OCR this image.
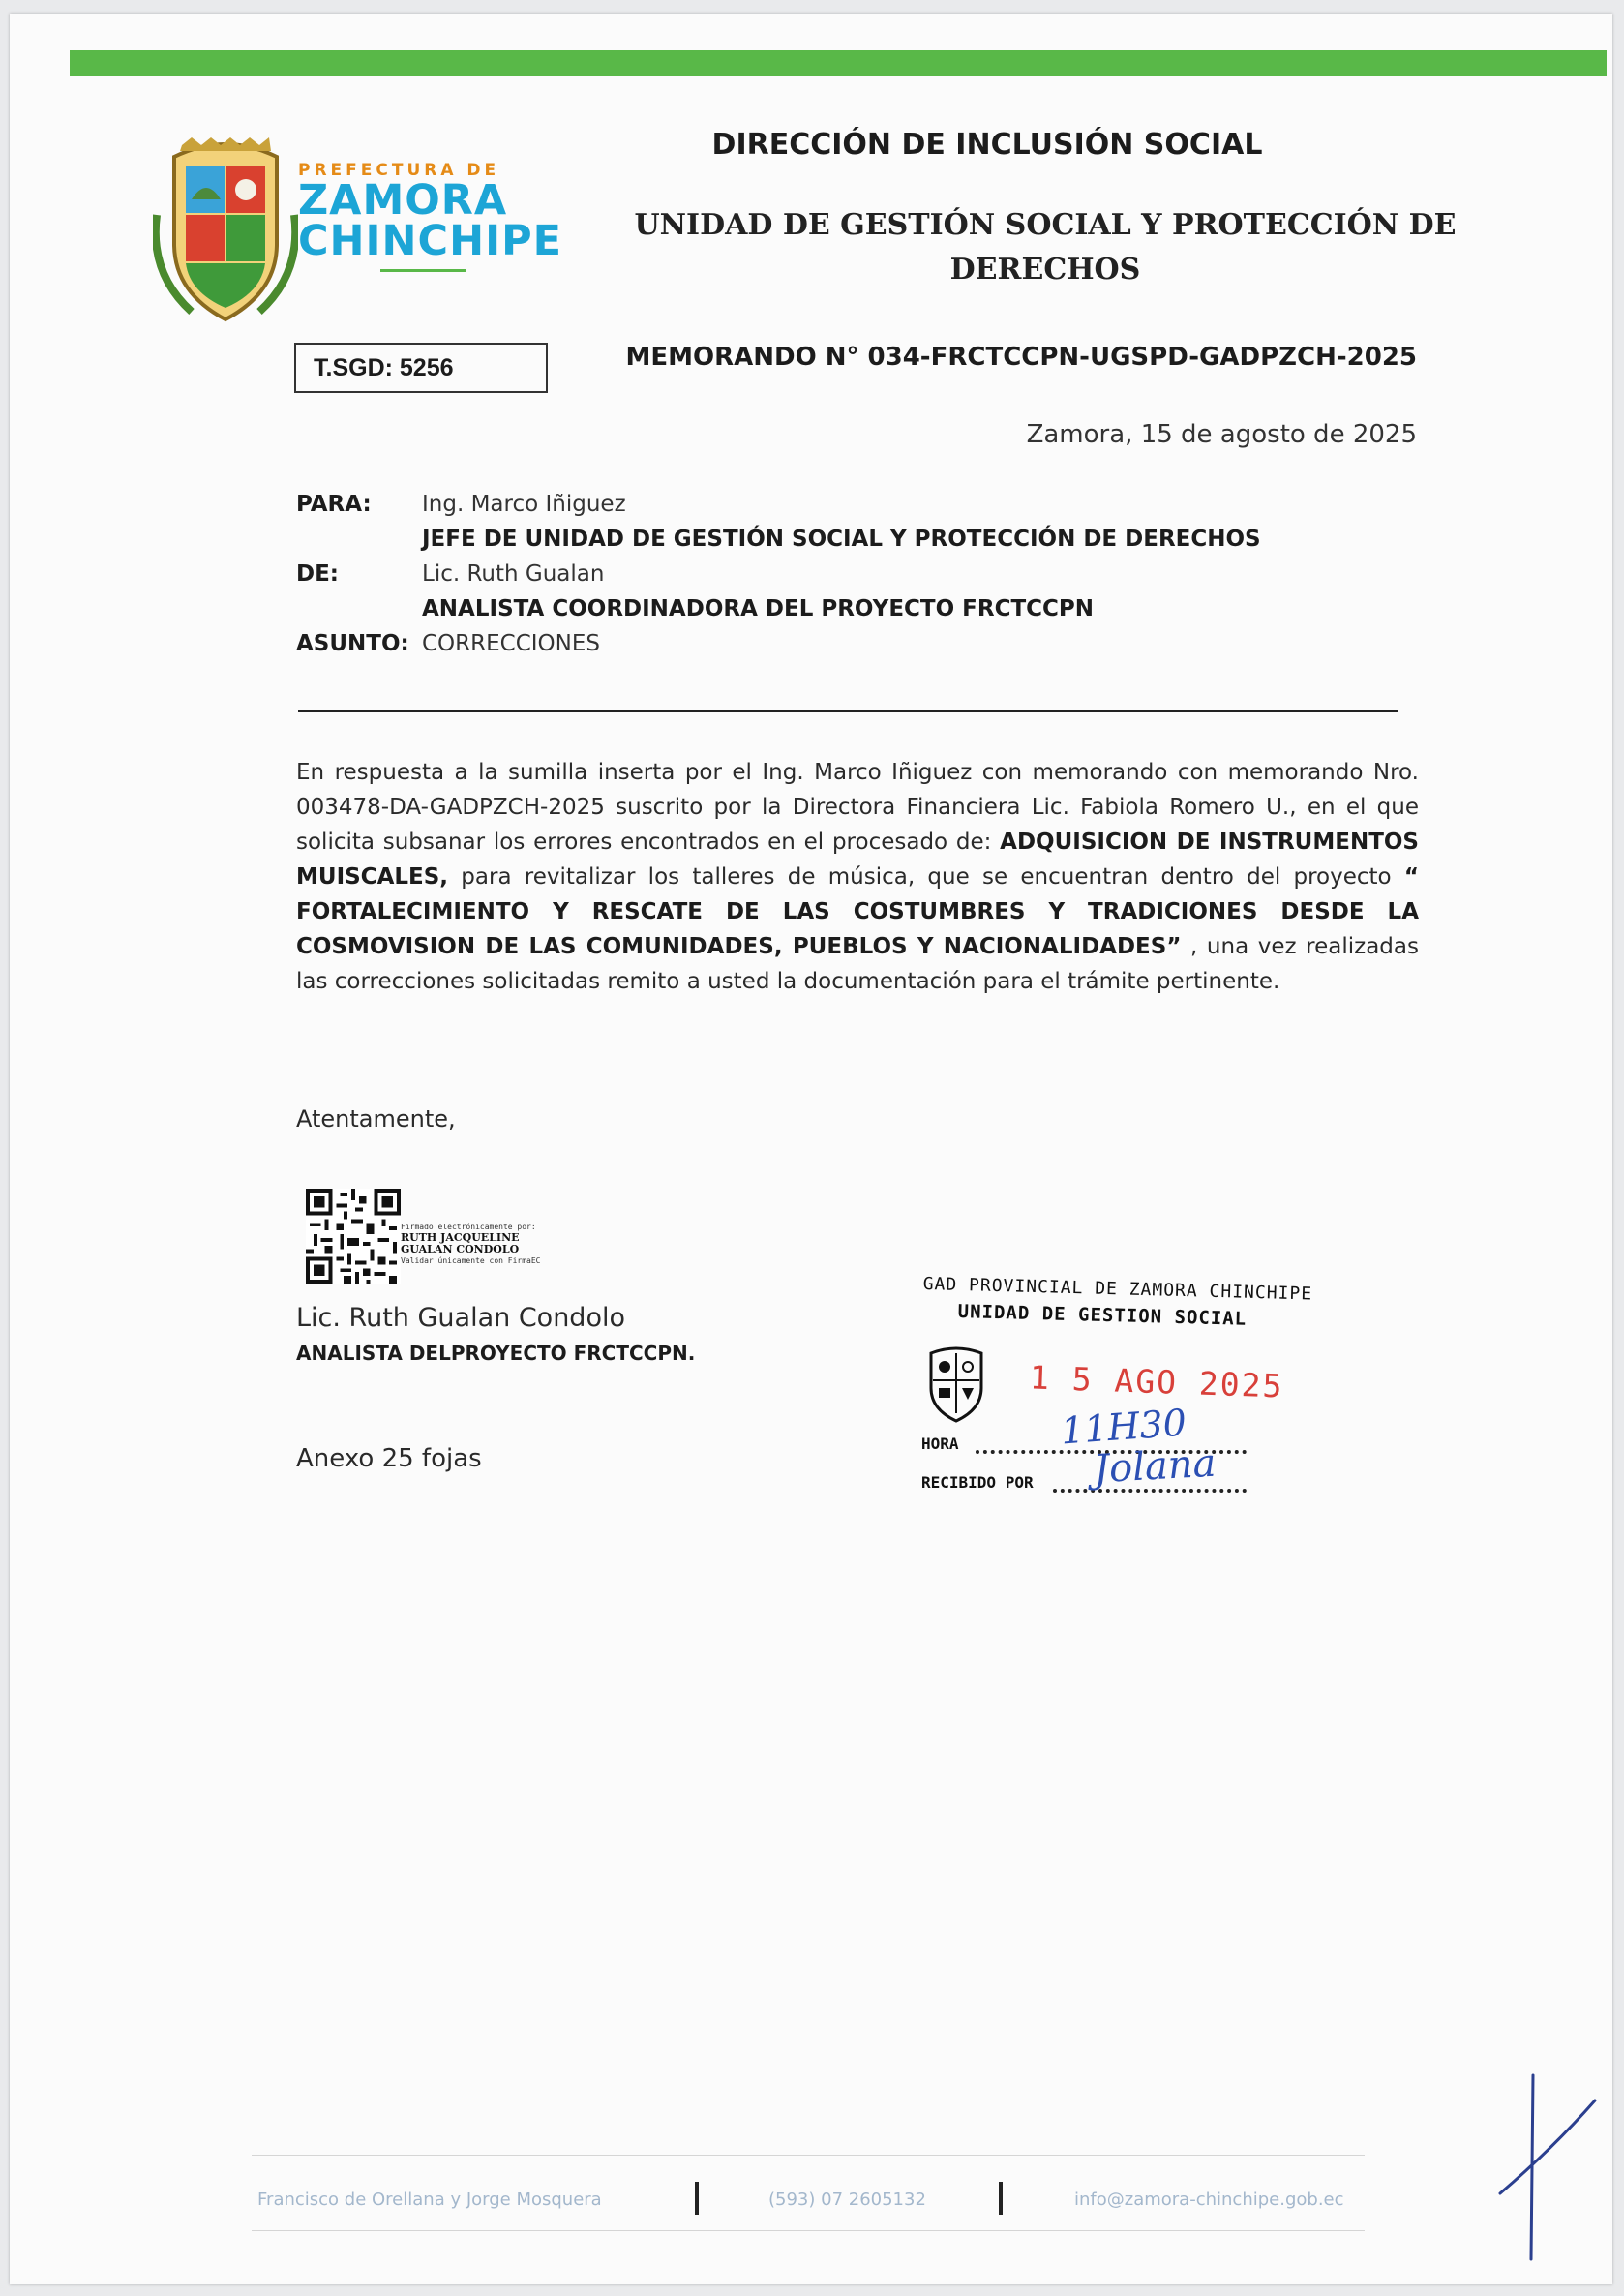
PREFECTURA DE
ZAMORA
CHINCHIPE
DIRECCIÓN DE INCLUSIÓN SOCIAL
UNIDAD DE GESTIÓN SOCIAL Y PROTECCIÓN DE
DERECHOS
T.SGD: 5256	MEMORANDO N° 034-FRCTCCPN-UGSPD-GADPZCH-2025
Zamora, 15 de agosto de 2025
PARA: Ing. Marco Iñiguez
JEFE DE UNIDAD DE GESTIÓN SOCIAL Y PROTECCIÓN DE DERECHOS
DE:	Lic. Ruth Gualan
ANALISTA COORDINADORA DEL PROYECTO FRCTCCPN
ASUNTO: CORRECCIONES
En respuesta a la sumilla inserta por el Ing. Marco Iñiguez con memorando con memorando Nro. 003478-DA-GADPZCH-2025 suscrito por la Directora Financiera Lic. Fabiola Romero U., en el que solicita subsanar los errores encontrados en el procesado de: ADQUISICION DE INSTRUMENTOS MUISCALES, para revitalizar los talleres de música, que se encuentran dentro del proyecto “ FORTALECIMIENTO Y RESCATE DE LAS COSTUMBRES Y TRADICIONES DESDE LA COSMOVISION DE LAS COMUNIDADES, PUEBLOS Y NACIONALIDADES” , una vez realizadas las correcciones solicitadas remito a usted la documentación para el trámite pertinente.
Atentamente,
Firmado electrónicamente por:
RUTH JACQUELINE
GUALAN CONDOLO
Validar únicamente con FirmaEC
Lic. Ruth Gualan Condolo
ANALISTA DELPROYECTO FRCTCCPN.
Anexo 25 fojas
GAD PROVINCIAL DE ZAMORA CHINCHIPE
UNIDAD DE GESTION SOCIAL
1 5 AGO 2025
HORA	11H30
RECIBIDO POR Jolana
Francisco de Orellana y Jorge Mosquera	(593) 07 2605132	info@zamora-chinchipe.gob.ec
